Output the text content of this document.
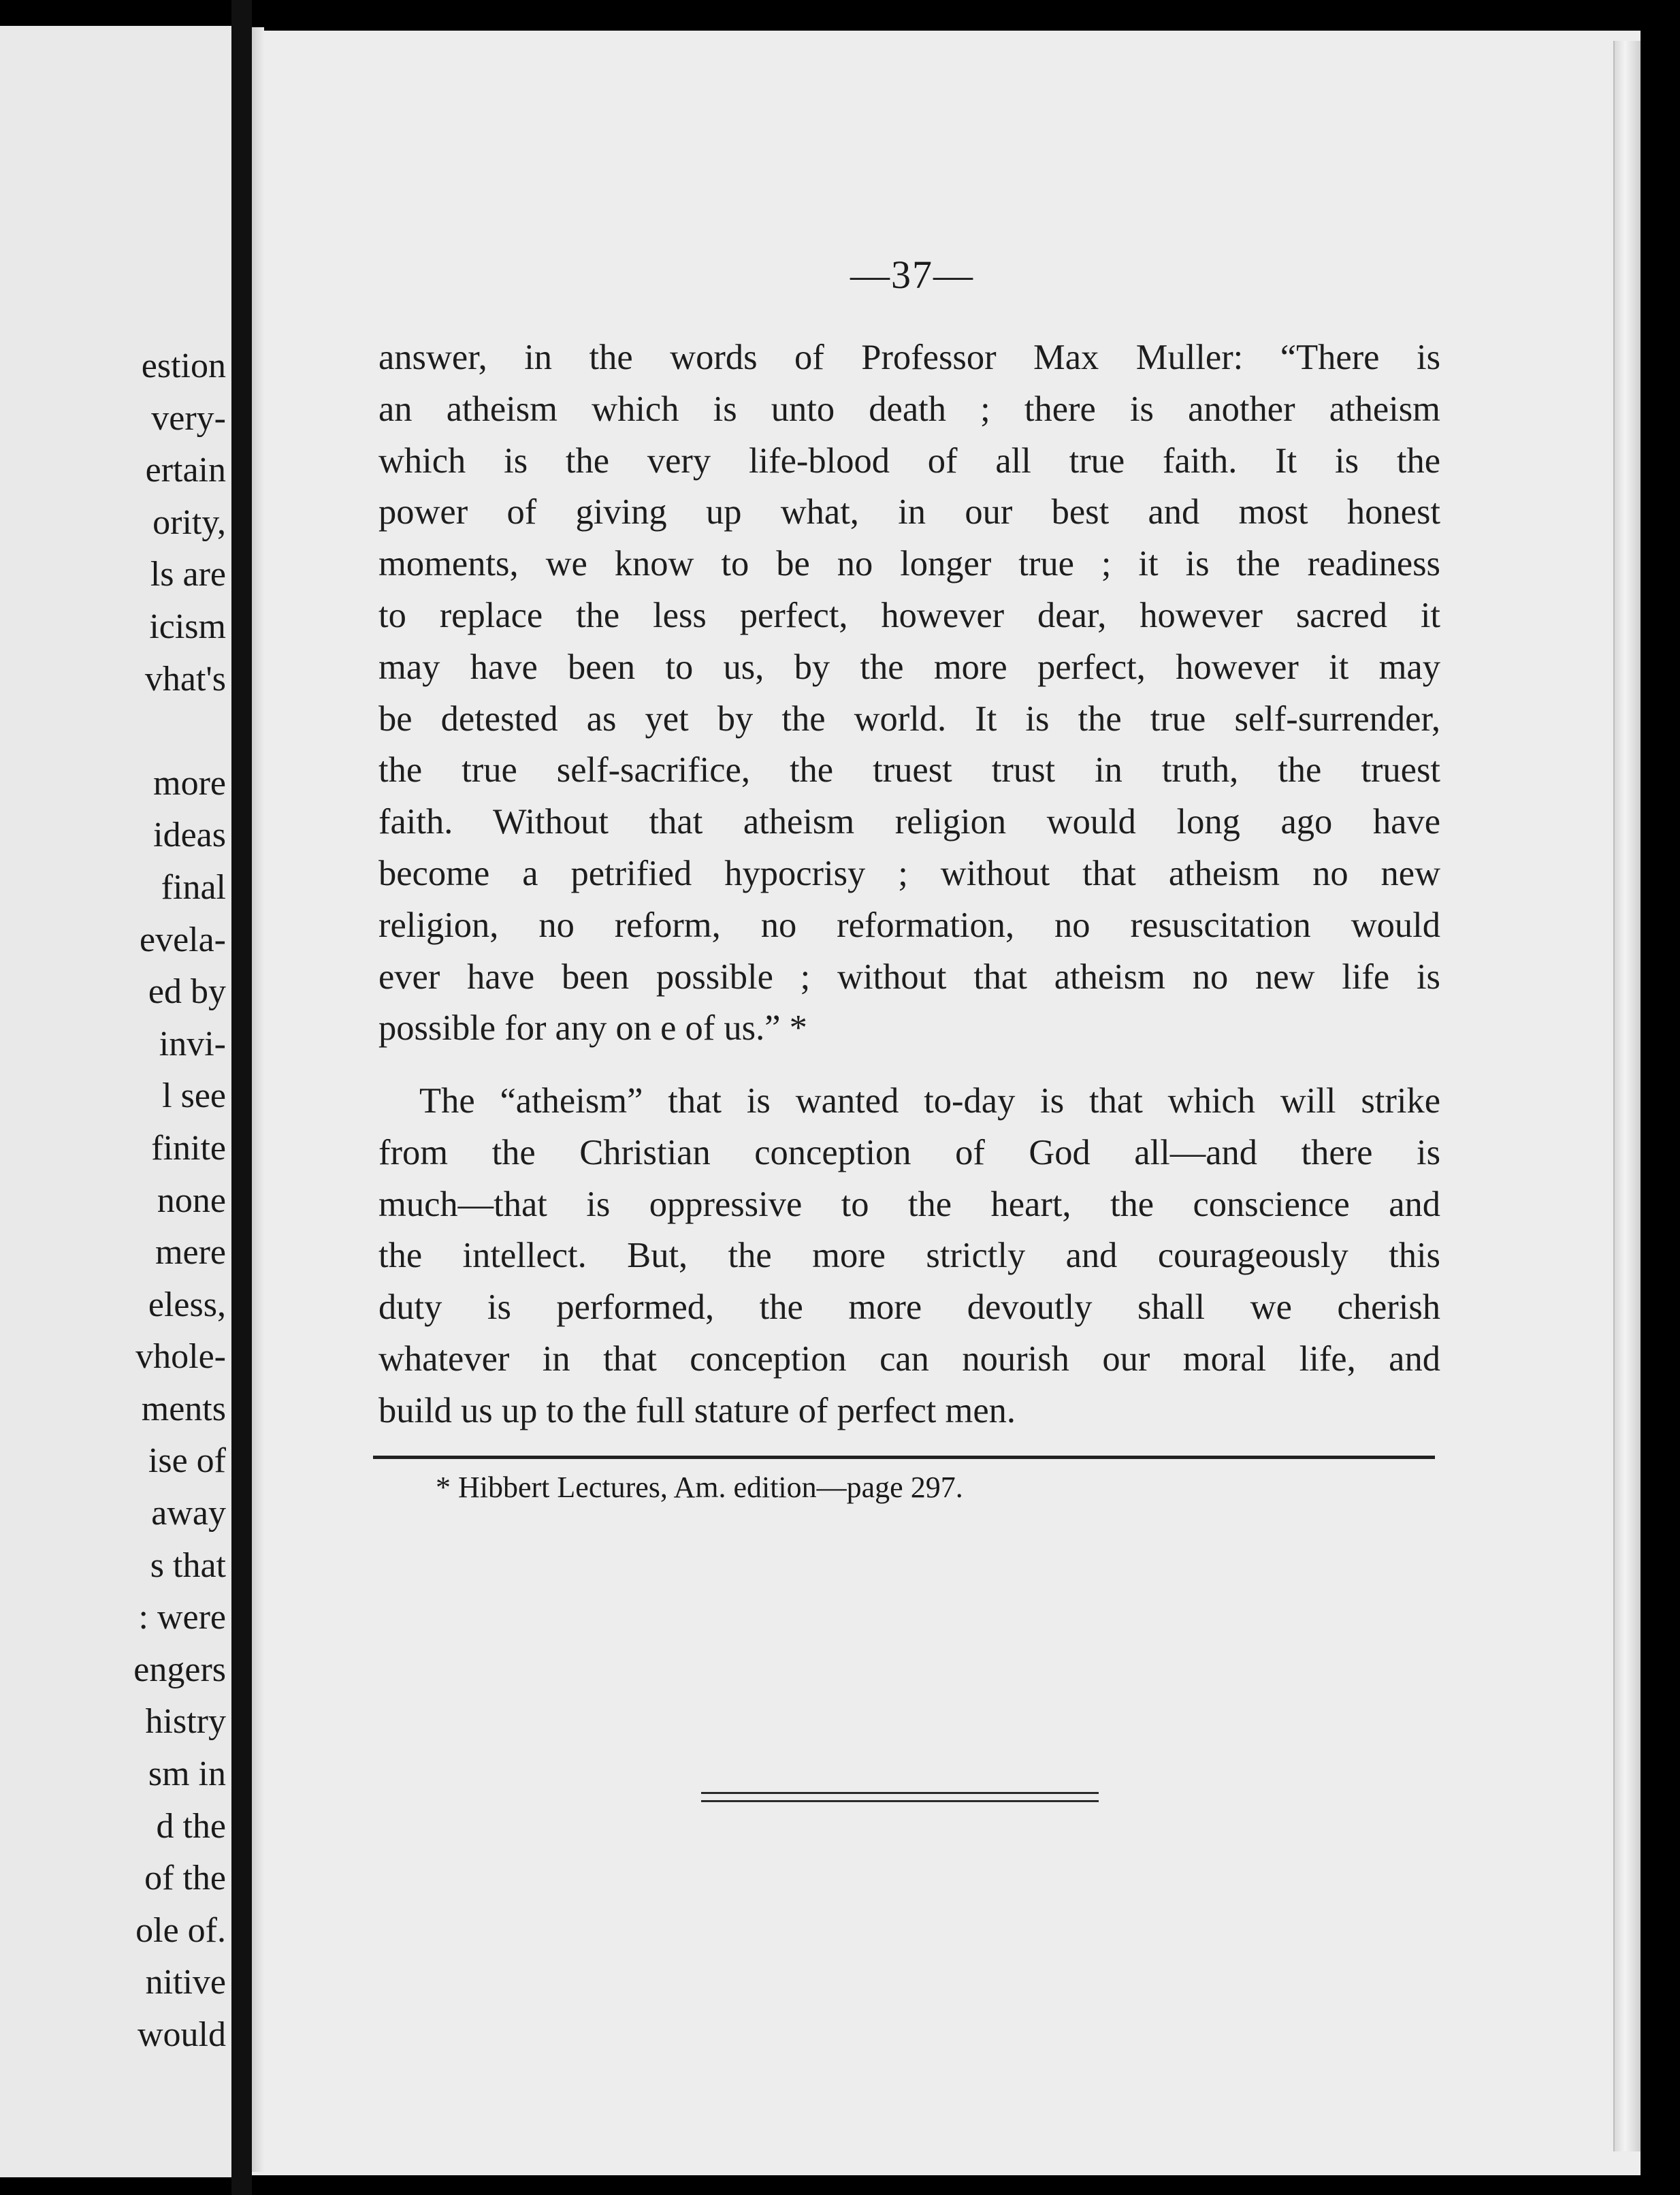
estion
very-
ertain
ority,
ls are
icism
vhat's
more
ideas
final
evela-
ed by
invi-
l see
finite
none
mere
eless,
vhole-
ments
ise of
away
s that
: were
engers
histry
sm in
d the
of the
ole of.
nitive
would
—37—
answer, in the words of Professor Max Muller: “There is
an atheism which is unto death ; there is another atheism
which is the very life-blood of all true faith. It is the
power of giving up what, in our best and most honest
moments, we know to be no longer true ; it is the readiness
to replace the less perfect, however dear, however sacred it
may have been to us, by the more perfect, however it may
be detested as yet by the world. It is the true self-surrender,
the true self-sacrifice, the truest trust in truth, the truest
faith. Without that atheism religion would long ago have
become a petrified hypocrisy ; without that atheism no new
religion, no reform, no reformation, no resuscitation would
ever have been possible ; without that atheism no new life is
possible for any on e of us.” *
The “atheism” that is wanted to-day is that which will strike
from the Christian conception of God all—and there is
much—that is oppressive to the heart, the conscience and
the intellect. But, the more strictly and courageously this
duty is performed, the more devoutly shall we cherish
whatever in that conception can nourish our moral life, and
build us up to the full stature of perfect men.
* Hibbert Lectures, Am. edition—page 297.
